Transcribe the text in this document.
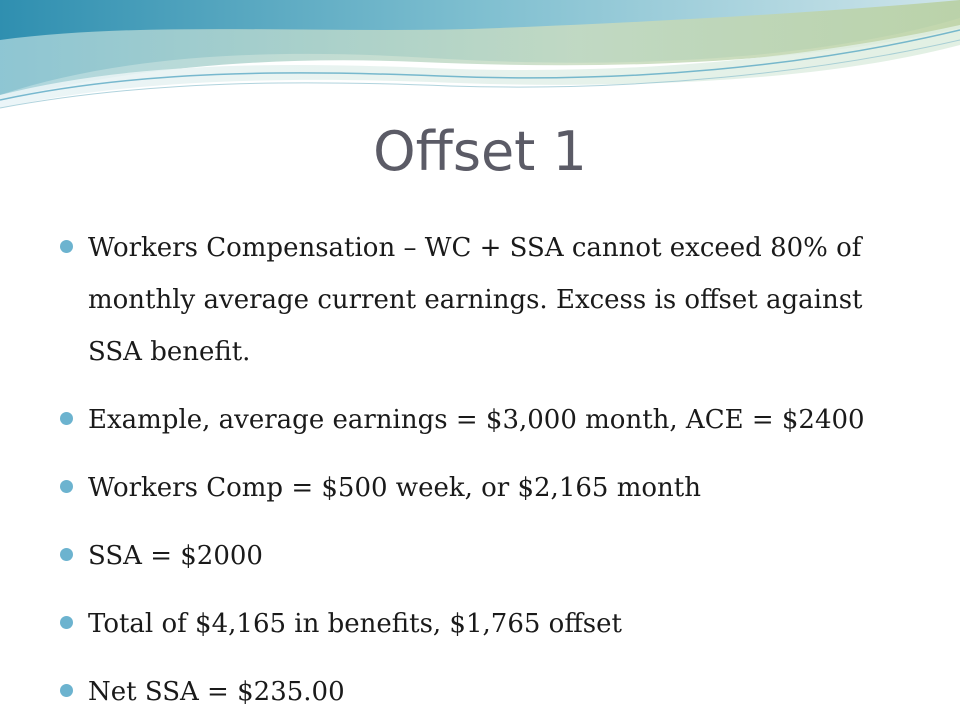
Offset 1
Workers Compensation – WC + SSA cannot exceed 80% of monthly average current earnings. Excess is offset against SSA benefit.
Example, average earnings = $3,000 month, ACE = $2400
Workers Comp = $500 week, or $2,165 month
SSA = $2000
Total of $4,165 in benefits, $1,765 offset
Net SSA = $235.00
